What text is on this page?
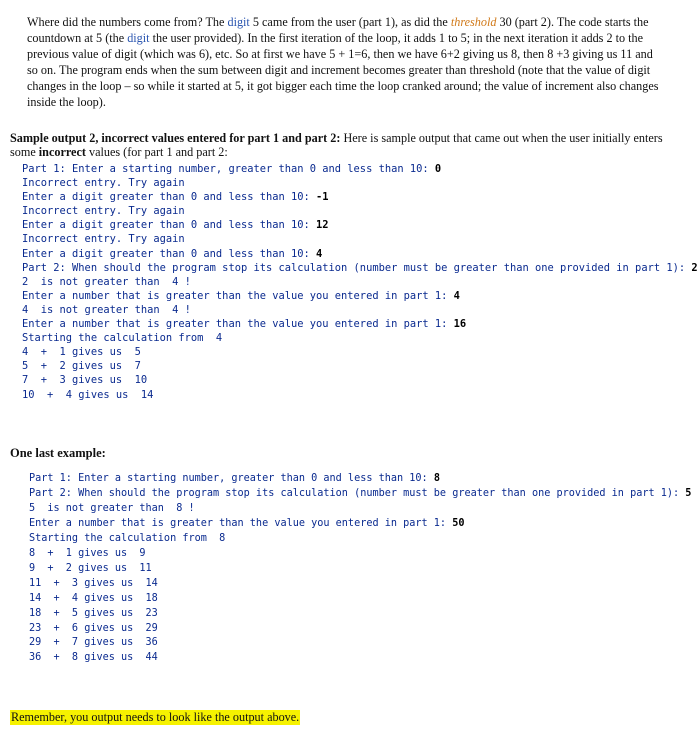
Where did the numbers come from? The digit 5 came from the user (part 1), as did the threshold 30 (part 2). The code starts the countdown at 5 (the digit the user provided). In the first iteration of the loop, it adds 1 to 5; in the next iteration it adds 2 to the previous value of digit (which was 6), etc. So at first we have 5 + 1=6, then we have 6+2 giving us 8, then 8 +3 giving us 11 and so on. The program ends when the sum between digit and increment becomes greater than threshold (note that the value of digit changes in the loop – so while it started at 5, it got bigger each time the loop cranked around; the value of increment also changes inside the loop).

Sample output 2, incorrect values entered for part 1 and part 2: Here is sample output that came out when the user initially enters some incorrect values (for part 1 and part 2:

Part 1: Enter a starting number, greater than 0 and less than 10: 0
Incorrect entry. Try again
Enter a digit greater than 0 and less than 10: -1
Incorrect entry. Try again
Enter a digit greater than 0 and less than 10: 12
Incorrect entry. Try again
Enter a digit greater than 0 and less than 10: 4
Part 2: When should the program stop its calculation (number must be greater than one provided in part 1): 2
2  is not greater than  4 !
Enter a number that is greater than the value you entered in part 1: 4
4  is not greater than  4 !
Enter a number that is greater than the value you entered in part 1: 16
Starting the calculation from  4
4  +  1 gives us  5
5  +  2 gives us  7
7  +  3 gives us  10
10  +  4 gives us  14

One last example:

Part 1: Enter a starting number, greater than 0 and less than 10: 8
Part 2: When should the program stop its calculation (number must be greater than one provided in part 1): 5
5  is not greater than  8 !
Enter a number that is greater than the value you entered in part 1: 50
Starting the calculation from  8
8  +  1 gives us  9
9  +  2 gives us  11
11  +  3 gives us  14
14  +  4 gives us  18
18  +  5 gives us  23
23  +  6 gives us  29
29  +  7 gives us  36
36  +  8 gives us  44

Remember, you output needs to look like the output above.
